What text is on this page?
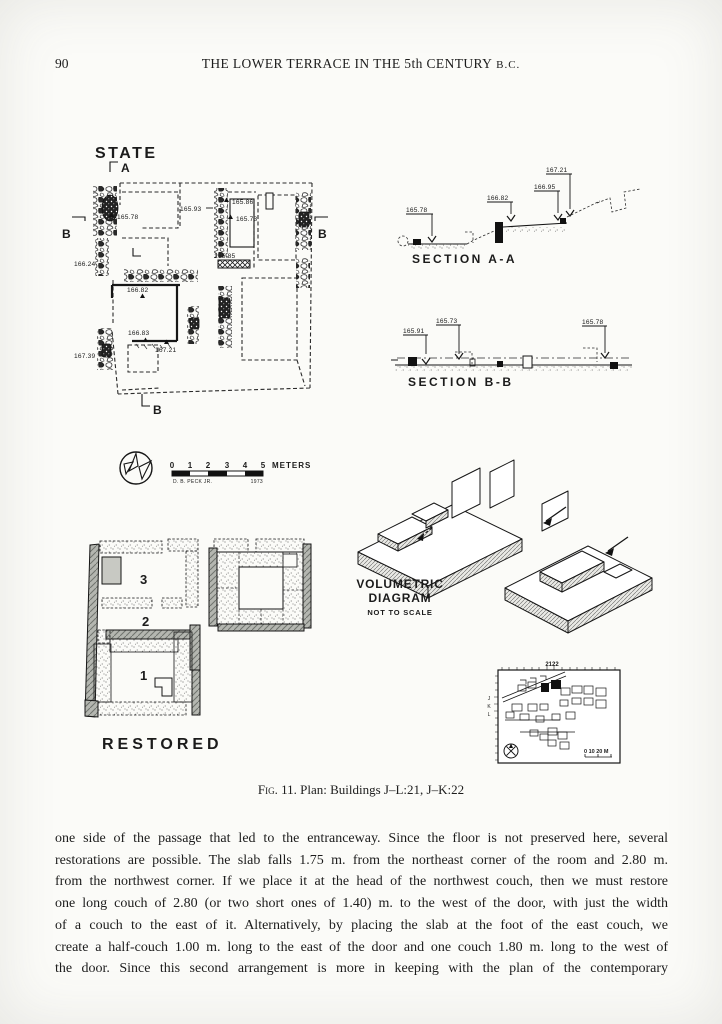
90	THE LOWER TERRACE IN THE 5th CENTURY B.C.
STATE
A
B	B
B
165.78
165.93
165.86
165.73
166.24
165.85
166.82
166.83
167.21
167.39
165.78
166.82
166.95
167.21
SECTION A-A
165.91
165.73	165.78
SECTION B-B
0 1 2 3 4 5 METERS
D. B. PECK JR.	1973
3
2
1
RESTORED
VOLUMETRIC
DIAGRAM
NOT TO SCALE
2122
J
K
L
0 10 20 M
Fig. 11. Plan: Buildings J–L:21, J–K:22
one side of the passage that led to the entranceway. Since the floor is not preserved here, several
restorations are possible. The slab falls 1.75 m. from the northeast corner of the room and 2.80 m.
from the northwest corner. If we place it at the head of the northwest couch, then we must restore
one long couch of 2.80 (or two short ones of 1.40) m. to the west of the door, with just the width
of a couch to the east of it. Alternatively, by placing the slab at the foot of the east couch, we
create a half-couch 1.00 m. long to the east of the door and one couch 1.80 m. long to the west of
the door. Since this second arrangement is more in keeping with the plan of the contemporary
